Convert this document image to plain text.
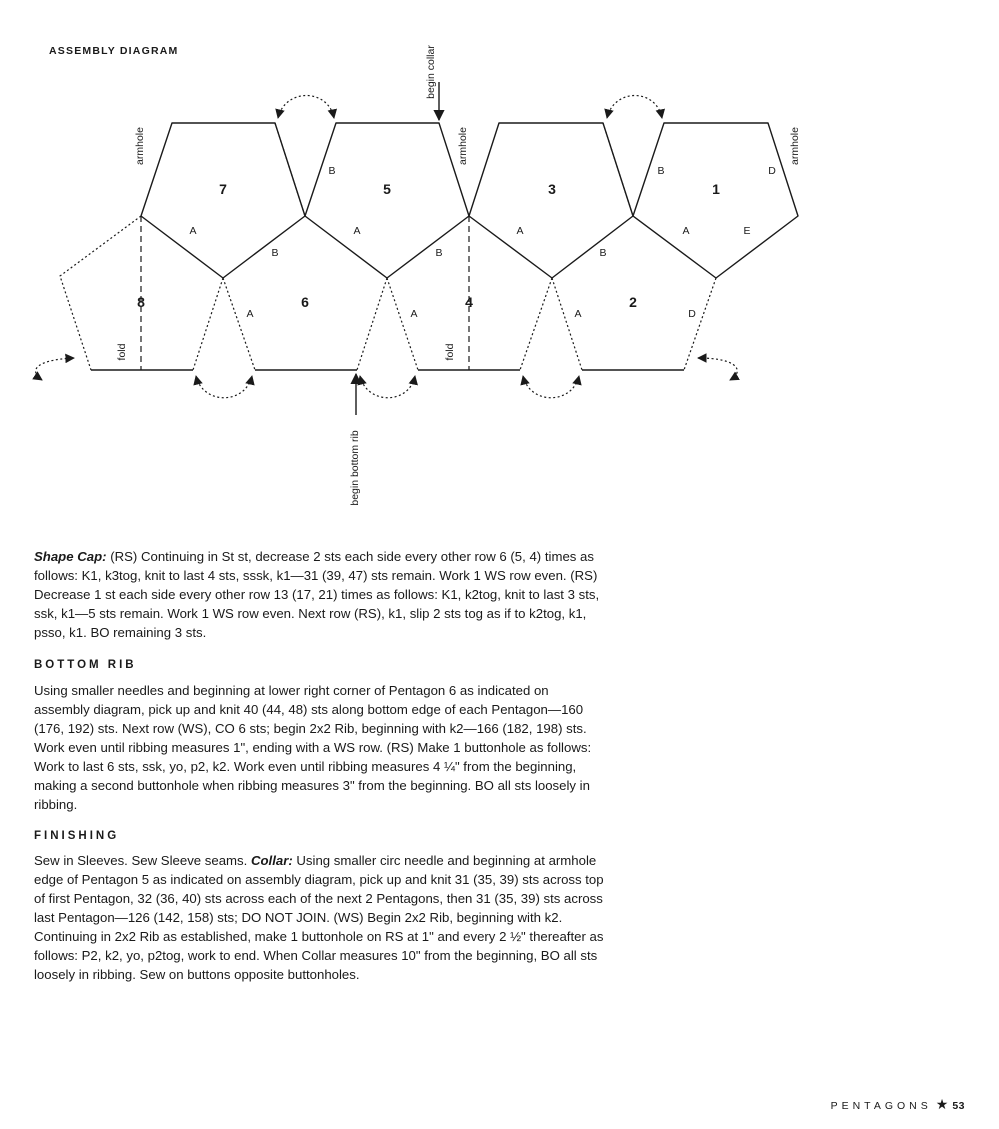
ASSEMBLY DIAGRAM
7	5	3	1
8	6	4	2
A	A	A	A	E
B	B	B
B	B	D
A	A	A	D
armhole	armhole	armhole
fold	fold
begin collar
begin bottom rib

Shape Cap: (RS) Continuing in St st, decrease 2 sts each side every other row 6 (5, 4) times as follows: K1, k3tog, knit to last 4 sts, sssk, k1—31 (39, 47) sts remain. Work 1 WS row even. (RS) Decrease 1 st each side every other row 13 (17, 21) times as follows: K1, k2tog, knit to last 3 sts, ssk, k1—5 sts remain. Work 1 WS row even. Next row (RS), k1, slip 2 sts tog as if to k2tog, k1, psso, k1. BO remaining 3 sts.

BOTTOM RIB

Using smaller needles and beginning at lower right corner of Pentagon 6 as indicated on assembly diagram, pick up and knit 40 (44, 48) sts along bottom edge of each Pentagon—160 (176, 192) sts. Next row (WS), CO 6 sts; begin 2x2 Rib, beginning with k2—166 (182, 198) sts. Work even until ribbing measures 1", ending with a WS row. (RS) Make 1 buttonhole as follows: Work to last 6 sts, ssk, yo, p2, k2. Work even until ribbing measures 4 ¼" from the beginning, making a second buttonhole when ribbing measures 3" from the beginning. BO all sts loosely in ribbing.

FINISHING

Sew in Sleeves. Sew Sleeve seams. Collar: Using smaller circ needle and beginning at armhole edge of Pentagon 5 as indicated on assembly diagram, pick up and knit 31 (35, 39) sts across top of first Pentagon, 32 (36, 40) sts across each of the next 2 Pentagons, then 31 (35, 39) sts across last Pentagon—126 (142, 158) sts; DO NOT JOIN. (WS) Begin 2x2 Rib, beginning with k2. Continuing in 2x2 Rib as established, make 1 buttonhole on RS at 1" and every 2 ½" thereafter as follows: P2, k2, yo, p2tog, work to end. When Collar measures 10" from the beginning, BO all sts loosely in ribbing. Sew on buttons opposite buttonholes.

PENTAGONS ★ 53
